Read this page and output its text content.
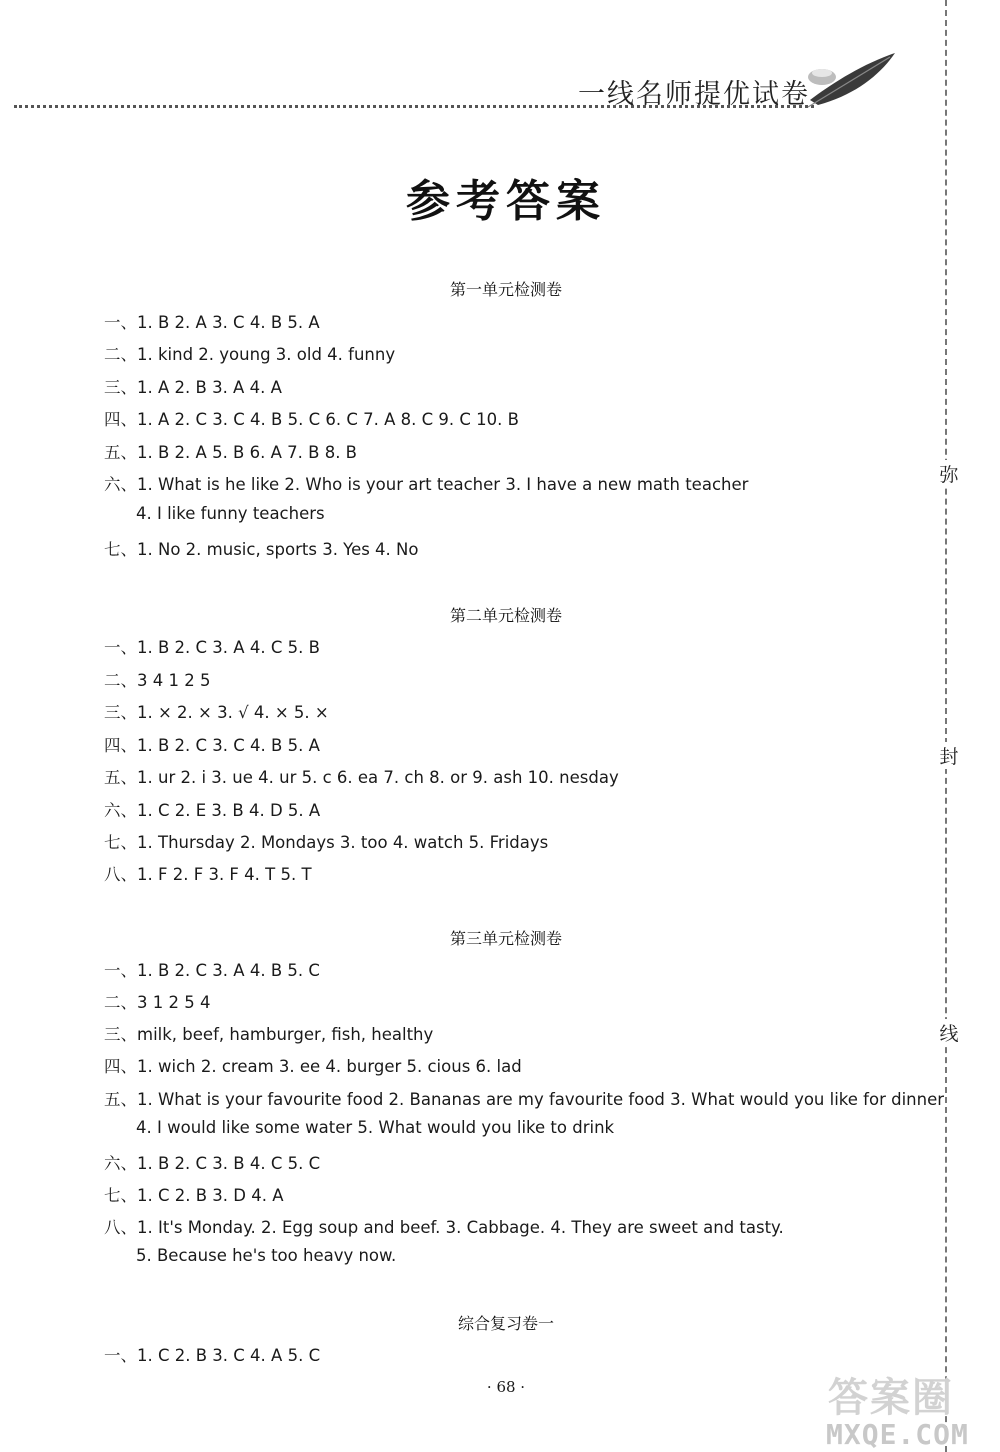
一线名师提优试卷
参考答案
第一单元检测卷
一、1. B 2. A 3. C 4. B 5. A
二、1. kind 2. young 3. old 4. funny
三、1. A 2. B 3. A 4. A
四、1. A 2. C 3. C 4. B 5. C 6. C 7. A 8. C 9. C 10. B
五、1. B 2. A 5. B 6. A 7. B 8. B
六、1. What is he like 2. Who is your art teacher 3. I have a new math teacher
4. I like funny teachers
七、1. No 2. music, sports 3. Yes 4. No
第二单元检测卷
一、1. B 2. C 3. A 4. C 5. B
二、3 4 1 2 5
三、1. × 2. × 3. √ 4. × 5. ×
四、1. B 2. C 3. C 4. B 5. A
五、1. ur 2. i 3. ue 4. ur 5. c 6. ea 7. ch 8. or 9. ash 10. nesday
六、1. C 2. E 3. B 4. D 5. A
七、1. Thursday 2. Mondays 3. too 4. watch 5. Fridays
八、1. F 2. F 3. F 4. T 5. T
第三单元检测卷
一、1. B 2. C 3. A 4. B 5. C
二、3 1 2 5 4
三、milk, beef, hamburger, fish, healthy
四、1. wich 2. cream 3. ee 4. burger 5. cious 6. lad
五、1. What is your favourite food 2. Bananas are my favourite food 3. What would you like for dinner
4. I would like some water 5. What would you like to drink
六、1. B 2. C 3. B 4. C 5. C
七、1. C 2. B 3. D 4. A
八、1. It's Monday. 2. Egg soup and beef. 3. Cabbage. 4. They are sweet and tasty.
5. Because he's too heavy now.
综合复习卷一
一、1. C 2. B 3. C 4. A 5. C
弥
封
线
· 68 ·	答案圈
MXQE.COM
